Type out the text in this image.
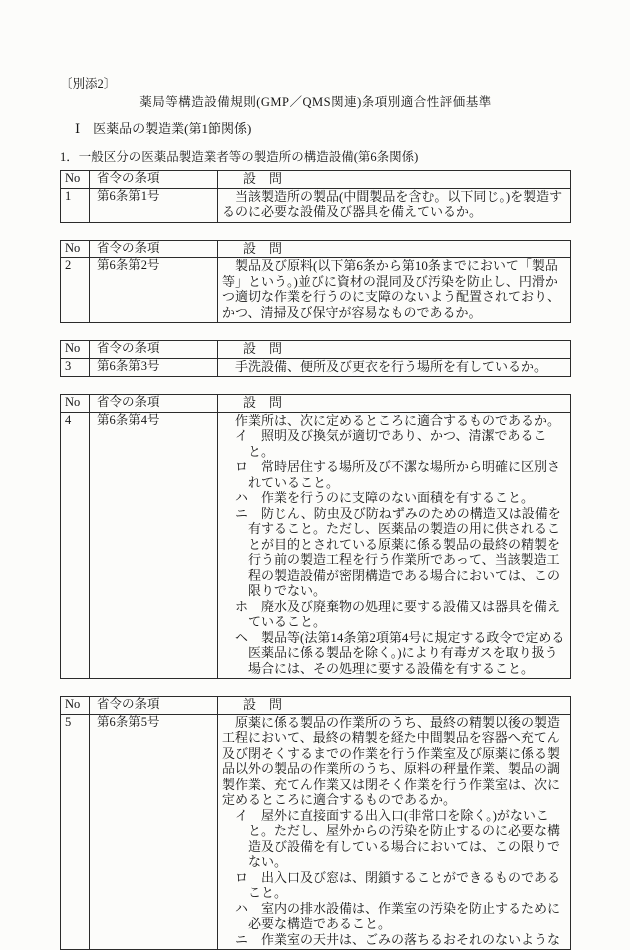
〔別添2〕
薬局等構造設備規則(GMP／QMS関連)条項別適合性評価基準
Ⅰ　医薬品の製造業(第1節関係)
1．一般区分の医薬品製造業者等の製造所の構造設備(第6条関係)
No	省令の条項	設　問
1	第6条第1号	当該製造所の製品(中間製品を含む。以下同じ。)を製造するのに必要な設備及び器具を備えているか。

No	省令の条項	設　問
2	第6条第2号	製品及び原料(以下第6条から第10条までにおいて「製品等」という。)並びに資材の混同及び汚染を防止し、円滑かつ適切な作業を行うのに支障のないよう配置されており、かつ、清掃及び保守が容易なものであるか。

No	省令の条項	設　問
3	第6条第3号	手洗設備、便所及び更衣を行う場所を有しているか。

No	省令の条項	設　問
4	第6条第4号	作業所は、次に定めるところに適合するものであるか。

イ　照明及び換気が適切であり、かつ、清潔であること。

ロ　常時居住する場所及び不潔な場所から明確に区別されていること。

ハ　作業を行うのに支障のない面積を有すること。

ニ　防じん、防虫及び防ねずみのための構造又は設備を有すること。ただし、医薬品の製造の用に供されることが目的とされている原薬に係る製品の最終の精製を行う前の製造工程を行う作業所であって、当該製造工程の製造設備が密閉構造である場合においては、この限りでない。

ホ　廃水及び廃棄物の処理に要する設備又は器具を備えていること。

ヘ　製品等(法第14条第2項第4号に規定する政令で定める医薬品に係る製品を除く。)により有毒ガスを取り扱う場合には、その処理に要する設備を有すること。

No	省令の条項	設　問
5	第6条第5号	原薬に係る製品の作業所のうち、最終の精製以後の製造工程において、最終の精製を経た中間製品を容器へ充てん及び閉そくするまでの作業を行う作業室及び原薬に係る製品以外の製品の作業所のうち、原料の秤量作業、製品の調製作業、充てん作業又は閉そく作業を行う作業室は、次に定めるところに適合するものであるか。

イ　屋外に直接面する出入口(非常口を除く。)がないこと。ただし、屋外からの汚染を防止するのに必要な構造及び設備を有している場合においては、この限りでない。

ロ　出入口及び窓は、閉鎖することができるものであること。

ハ　室内の排水設備は、作業室の汚染を防止するために必要な構造であること。

ニ　作業室の天井は、ごみの落ちるおそれのないような
